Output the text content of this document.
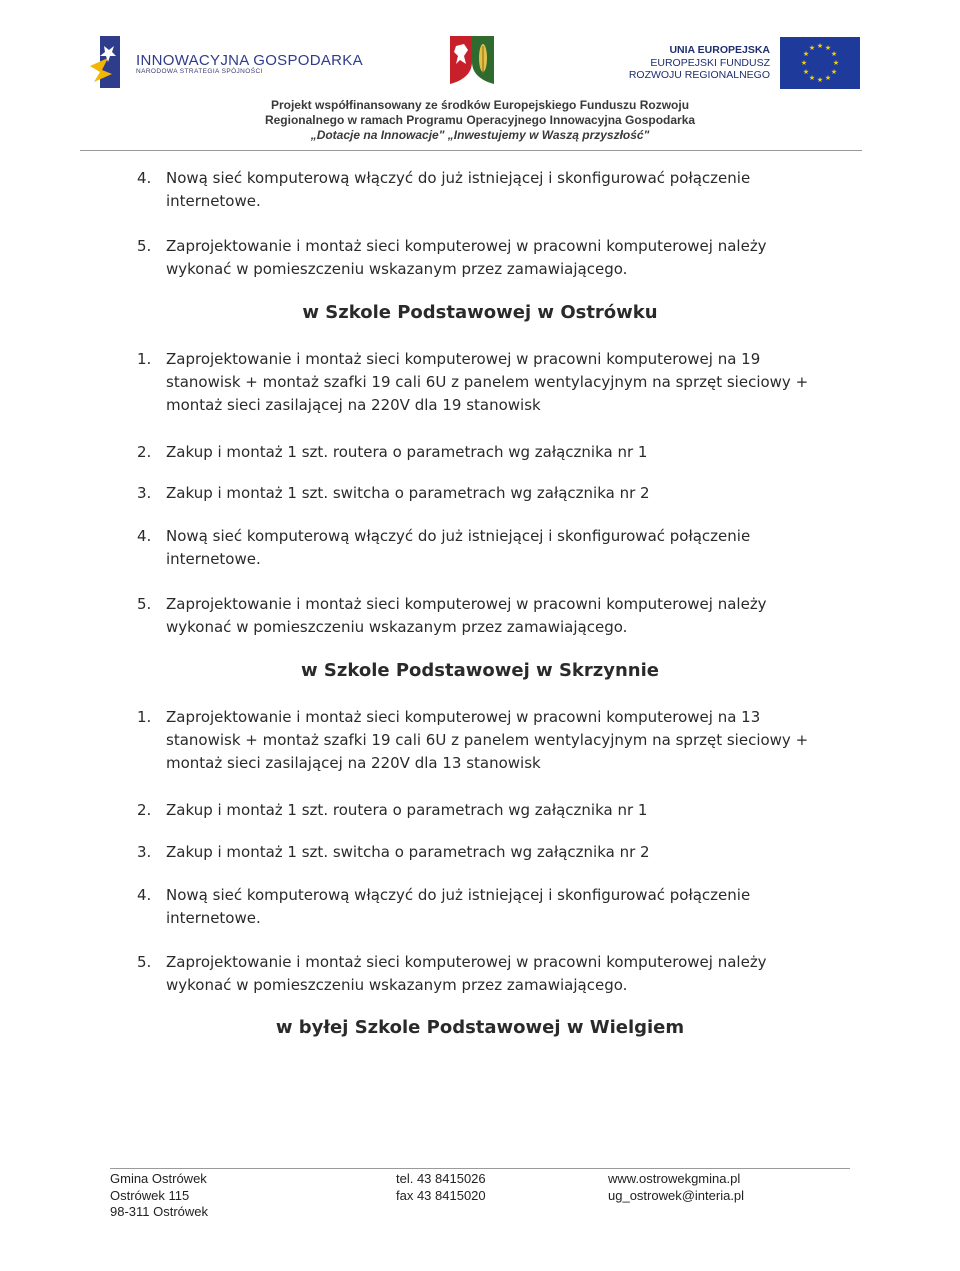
INNOWACYJNA GOSPODARKA
NARODOWA STRATEGIA SPÓJNOŚCI
UNIA EUROPEJSKA
EUROPEJSKI FUNDUSZ
ROZWOJU REGIONALNEGO
★ ★
★
★
★
★
★
★
★
★
★
★
Projekt współfinansowany ze środków Europejskiego Funduszu Rozwoju
Regionalnego w ramach Programu Operacyjnego Innowacyjna Gospodarka
„Dotacje na Innowacje" „Inwestujemy w Waszą przyszłość"
4. Nową sieć komputerową włączyć do już istniejącej i skonfigurować połączenie internetowe.
5. Zaprojektowanie i montaż sieci komputerowej w pracowni komputerowej należy wykonać w pomieszczeniu wskazanym przez zamawiającego.
w Szkole Podstawowej w Ostrówku
1. Zaprojektowanie i montaż sieci komputerowej w pracowni komputerowej na 19 stanowisk + montaż szafki 19 cali 6U z panelem wentylacyjnym na sprzęt sieciowy + montaż sieci zasilającej na 220V dla 19 stanowisk
2. Zakup i montaż 1 szt. routera o parametrach wg załącznika nr 1
3. Zakup i montaż 1 szt. switcha o parametrach wg załącznika nr 2
4. Nową sieć komputerową włączyć do już istniejącej i skonfigurować połączenie internetowe.
5. Zaprojektowanie i montaż sieci komputerowej w pracowni komputerowej należy wykonać w pomieszczeniu wskazanym przez zamawiającego.
w Szkole Podstawowej w Skrzynnie
1. Zaprojektowanie i montaż sieci komputerowej w pracowni komputerowej na 13 stanowisk + montaż szafki 19 cali 6U z panelem wentylacyjnym na sprzęt sieciowy + montaż sieci zasilającej na 220V dla 13 stanowisk
2. Zakup i montaż 1 szt. routera o parametrach wg załącznika nr 1
3. Zakup i montaż 1 szt. switcha o parametrach wg załącznika nr 2
4. Nową sieć komputerową włączyć do już istniejącej i skonfigurować połączenie internetowe.
5. Zaprojektowanie i montaż sieci komputerowej w pracowni komputerowej należy wykonać w pomieszczeniu wskazanym przez zamawiającego.
w byłej Szkole Podstawowej w Wielgiem
Gmina Ostrówek
Ostrówek 115
98-311 Ostrówek
tel. 43 8415026
fax 43 8415020
www.ostrowekgmina.pl
ug_ostrowek@interia.pl
